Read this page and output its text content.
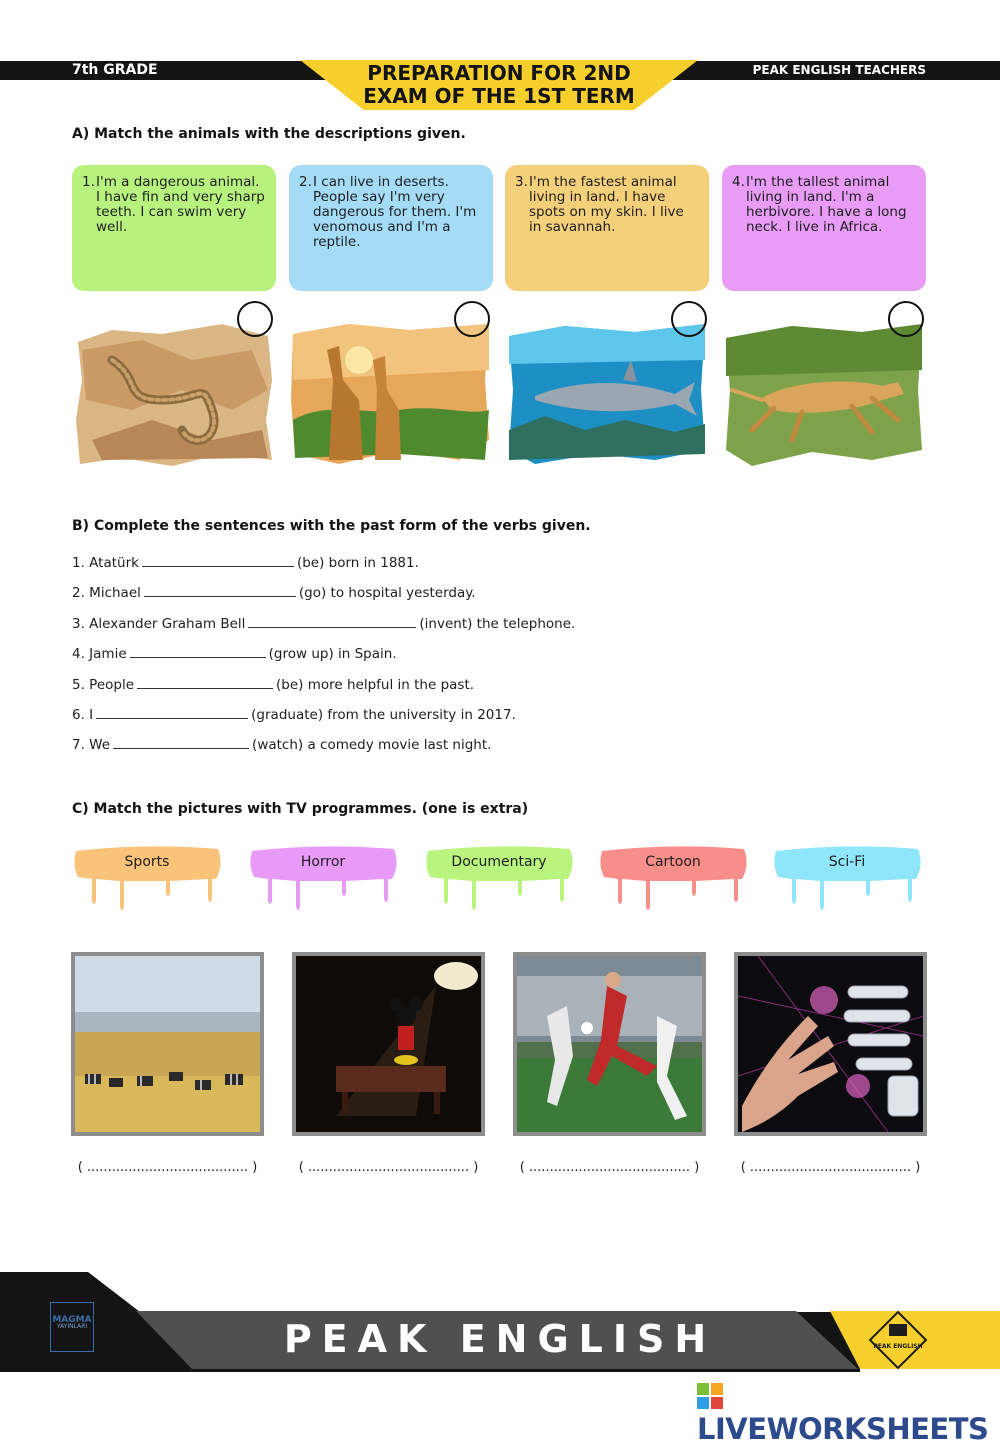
7th GRADE	PREPARATION FOR 2ND
EXAM OF THE 1ST TERM
PEAK ENGLISH TEACHERS
A) Match the animals with the descriptions given.
1. I'm a dangerous animal. I have fin and very sharp teeth. I can swim very well.
2. I can live in deserts. People say I'm very dangerous for them. I'm venomous and I'm a reptile.
3. I'm the fastest animal living in land. I have spots on my skin. I live in savannah.
4. I'm the tallest animal living in land. I'm a herbivore. I have a long neck. I live in Africa.
B) Complete the sentences with the past form of the verbs given.
1. Atatürk	(be) born in 1881.
2. Michael	(go) to hospital yesterday.
3. Alexander Graham Bell	(invent) the telephone.
4. Jamie	(grow up) in Spain.
5. People	(be) more helpful in the past.
6. I	(graduate) from the university in 2017.
7. We	(watch) a comedy movie last night.
C) Match the pictures with TV programmes. (one is extra)
Sports	Horror	Documentary	Cartoon	Sci-Fi
( ....................................... )	( ....................................... )	( ....................................... )	( ....................................... )
PEAK ENGLISH
MAGMA
YAYINLARI
PEAK ENGLISH
LIVEWORKSHEETS
